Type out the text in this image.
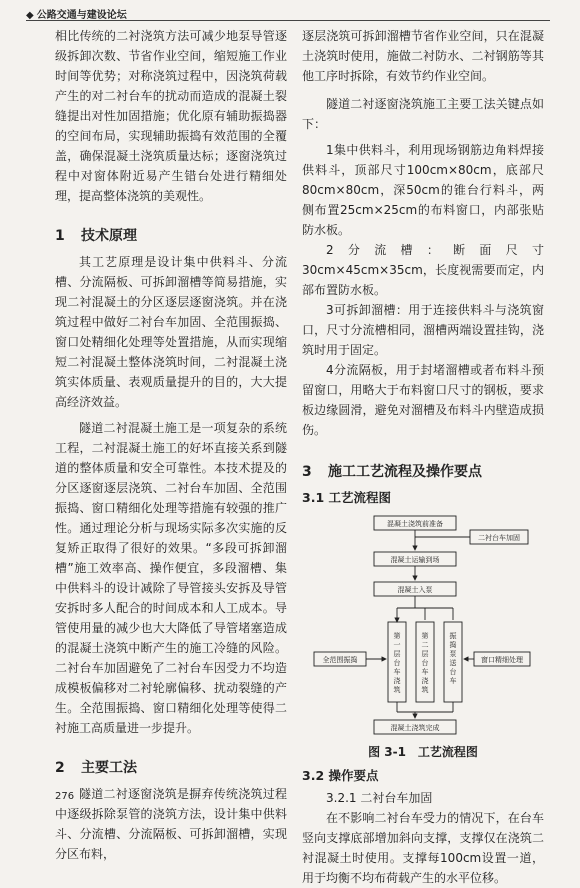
◆ 公路交通与建设论坛

相比传统的二衬浇筑方法可减少地泵导管逐级拆卸次数、节省作业空间，缩短施工作业时间等优势；对称浇筑过程中，因浇筑荷载产生的对二衬台车的扰动而造成的混凝土裂缝提出对性加固措施；优化原有辅助振捣器的空间布局，实现辅助振捣有效范围的全覆盖，确保混凝土浇筑质量达标；逐窗浇筑过程中对窗体附近易产生错台处进行精细处理，提高整体浇筑的美观性。

1 技术原理

其工艺原理是设计集中供料斗、分流槽、分流隔板、可拆卸溜槽等简易措施，实现二衬混凝土的分区逐层逐窗浇筑。并在浇筑过程中做好二衬台车加固、全范围振捣、窗口处精细化处理等处置措施，从而实现缩短二衬混凝土整体浇筑时间，二衬混凝土浇筑实体质量、表观质量提升的目的，大大提高经济效益。

隧道二衬混凝土施工是一项复杂的系统工程，二衬混凝土施工的好坏直接关系到隧道的整体质量和安全可靠性。本技术提及的分区逐窗逐层浇筑、二衬台车加固、全范围振捣、窗口精细化处理等措施有较强的推广性。通过理论分析与现场实际多次实施的反复矫正取得了很好的效果。“多段可拆卸溜槽”施工效率高、操作便宜，多段溜槽、集中供料斗的设计减除了导管接头安拆及导管安拆时多人配合的时间成本和人工成本。导管使用量的减少也大大降低了导管堵塞造成的混凝土浇筑中断产生的施工冷缝的风险。二衬台车加固避免了二衬台车因受力不均造成模板偏移对二衬轮廓偏移、扰动裂缝的产生。全范围振捣、窗口精细化处理等使得二衬施工高质量进一步提升。

2 主要工法

隧道二衬逐窗浇筑是摒弃传统浇筑过程中逐级拆除泵管的浇筑方法，设计集中供料斗、分流槽、分流隔板、可拆卸溜槽，实现分区布料，

逐层浇筑可拆卸溜槽节省作业空间，只在混凝土浇筑时使用，施做二衬防水、二衬钢筋等其他工序时拆除，有效节约作业空间。

隧道二衬逐窗浇筑施工主要工法关键点如下：

1集中供料斗，利用现场钢筋边角料焊接供料斗，顶部尺寸100cm×80cm，底部尺80cm×80cm，深50cm的锥台行料斗，两侧布置25cm×25cm的布料窗口，内部张贴防水板。

2分流槽：断面尺寸30cm×45cm×35cm，长度视需要而定，内部布置防水板。

3可拆卸溜槽：用于连接供料斗与浇筑窗口，尺寸分流槽相同，溜槽两端设置挂钩，浇筑时用于固定。

4分流隔板，用于封堵溜槽或者布料斗预留窗口，用略大于布料窗口尺寸的钢板，要求板边缘圆滑，避免对溜槽及布料斗内壁造成损伤。

3 施工工艺流程及操作要点
3.1 工艺流程图
混凝土浇筑前准备
二衬台车加固
混凝土运输到场
混凝土入泵
全范围振捣	窗口精细处理
混凝土浇筑完成
第一层台车浇筑
第二层台车浇筑
振捣泵送台车
图 3-1　工艺流程图
3.2 操作要点

3.2.1 二衬台车加固

在不影响二衬台车受力的情况下，在台车竖向支撑底部增加斜向支撑，支撑仅在浇筑二衬混凝土时使用。支撑每100cm设置一道，用于均衡不均布荷载产生的水平位移。

276
